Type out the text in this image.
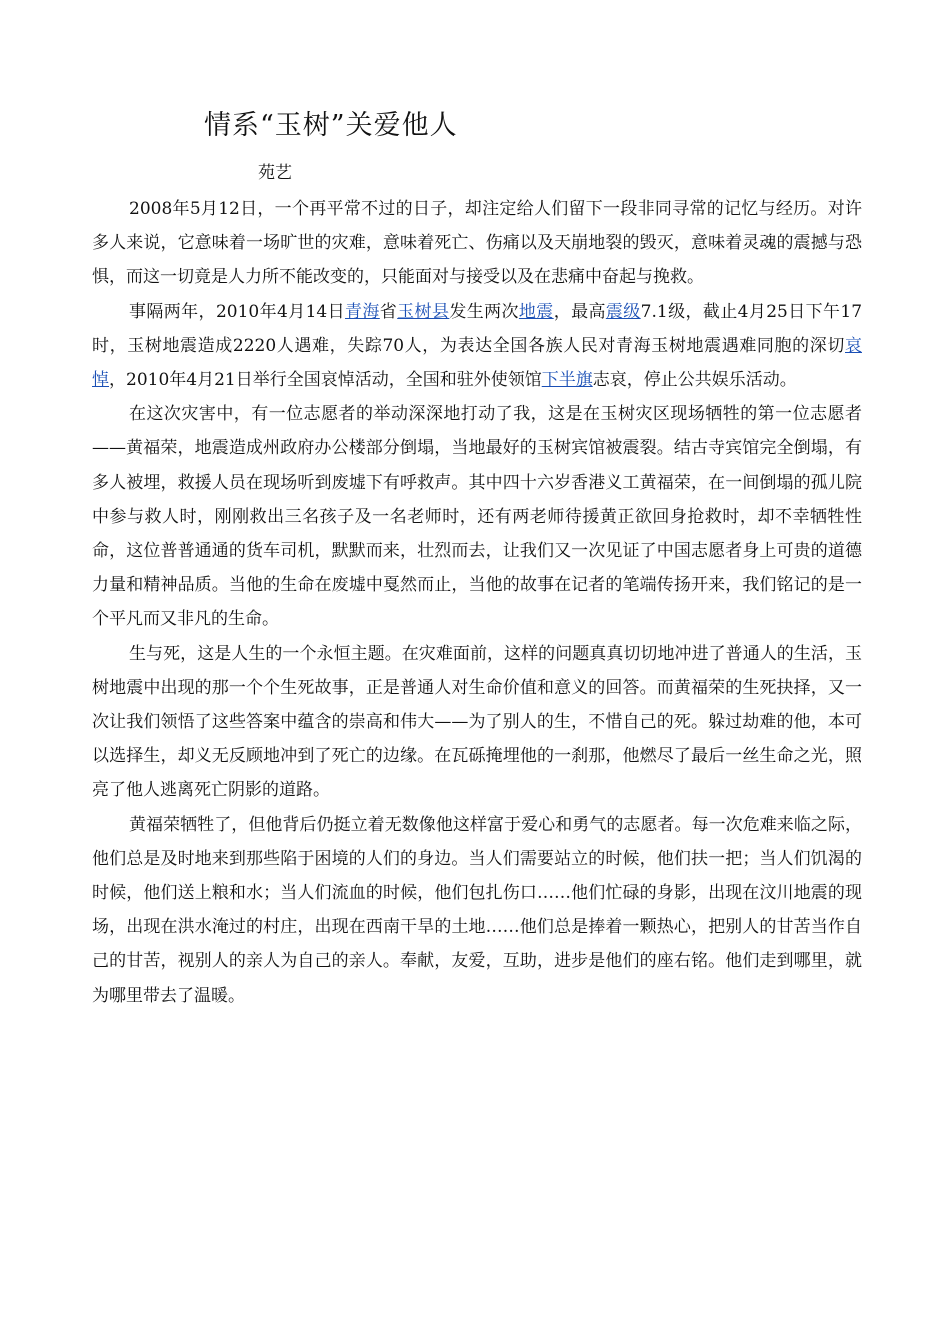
情系“玉树”关爱他人
苑艺

2008年5月12日，一个再平常不过的日子，却注定给人们留下一段非同寻常的记忆与经历。对许多人来说，它意味着一场旷世的灾难，意味着死亡、伤痛以及天崩地裂的毁灭，意味着灵魂的震撼与恐惧，而这一切竟是人力所不能改变的，只能面对与接受以及在悲痛中奋起与挽救。

事隔两年，2010年4月14日青海省玉树县发生两次地震，最高震级7.1级，截止4月25日下午17时，玉树地震造成2220人遇难，失踪70人，为表达全国各族人民对青海玉树地震遇难同胞的深切哀悼，2010年4月21日举行全国哀悼活动，全国和驻外使领馆下半旗志哀，停止公共娱乐活动。

在这次灾害中，有一位志愿者的举动深深地打动了我，这是在玉树灾区现场牺牲的第一位志愿者——黄福荣，地震造成州政府办公楼部分倒塌，当地最好的玉树宾馆被震裂。结古寺宾馆完全倒塌，有多人被埋，救援人员在现场听到废墟下有呼救声。其中四十六岁香港义工黄福荣，在一间倒塌的孤儿院中参与救人时，刚刚救出三名孩子及一名老师时，还有两老师待援黄正欲回身抢救时，却不幸牺牲性命，这位普普通通的货车司机，默默而来，壮烈而去，让我们又一次见证了中国志愿者身上可贵的道德力量和精神品质。当他的生命在废墟中戛然而止，当他的故事在记者的笔端传扬开来，我们铭记的是一个平凡而又非凡的生命。

生与死，这是人生的一个永恒主题。在灾难面前，这样的问题真真切切地冲进了普通人的生活，玉树地震中出现的那一个个生死故事，正是普通人对生命价值和意义的回答。而黄福荣的生死抉择，又一次让我们领悟了这些答案中蕴含的崇高和伟大——为了别人的生，不惜自己的死。躲过劫难的他，本可以选择生，却义无反顾地冲到了死亡的边缘。在瓦砾掩埋他的一刹那，他燃尽了最后一丝生命之光，照亮了他人逃离死亡阴影的道路。

黄福荣牺牲了，但他背后仍挺立着无数像他这样富于爱心和勇气的志愿者。每一次危难来临之际，他们总是及时地来到那些陷于困境的人们的身边。当人们需要站立的时候，他们扶一把；当人们饥渴的时候，他们送上粮和水；当人们流血的时候，他们包扎伤口……他们忙碌的身影，出现在汶川地震的现场，出现在洪水淹过的村庄，出现在西南干旱的土地……他们总是捧着一颗热心，把别人的甘苦当作自己的甘苦，视别人的亲人为自己的亲人。奉献，友爱，互助，进步是他们的座右铭。他们走到哪里，就为哪里带去了温暖。
